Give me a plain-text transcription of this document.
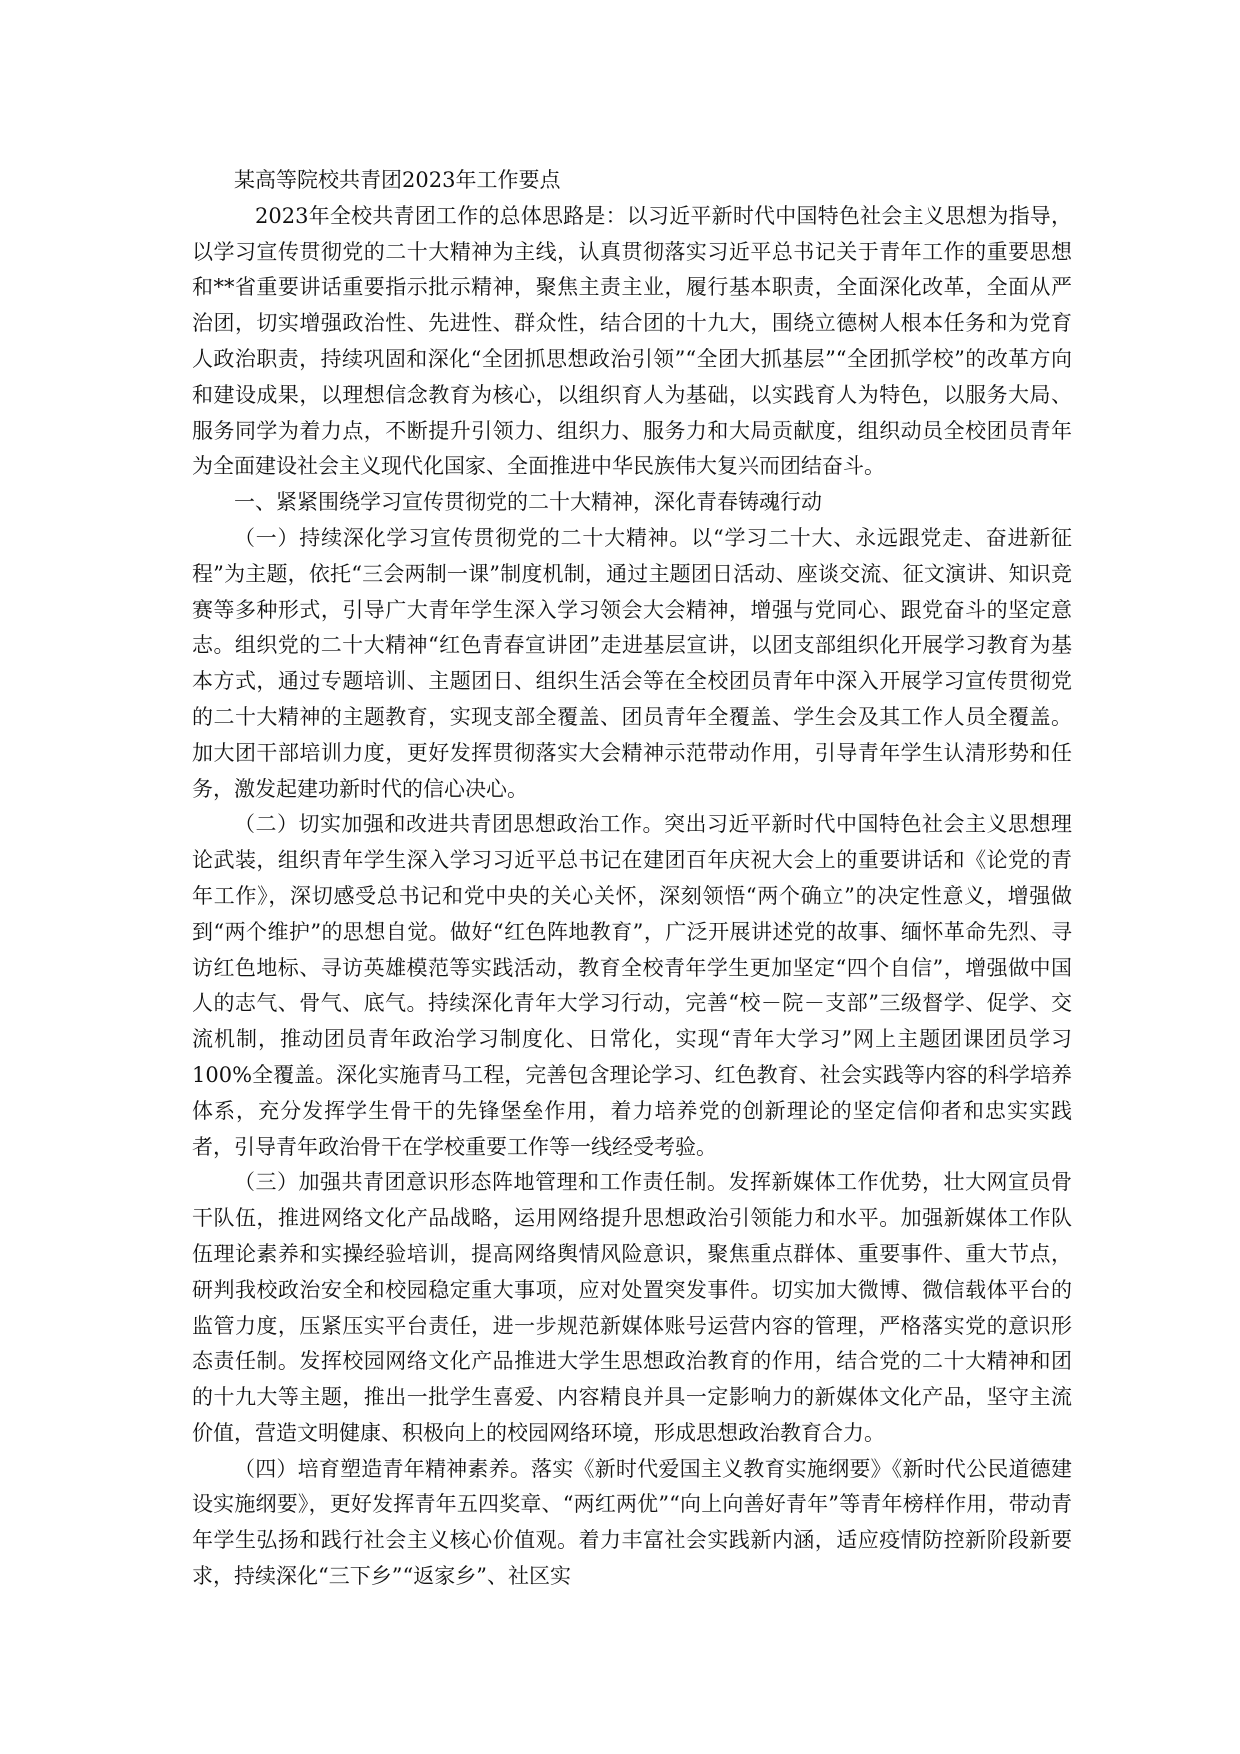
某高等院校共青团2023年工作要点

2023年全校共青团工作的总体思路是：以习近平新时代中国特色社会主义思想为指导，以学习宣传贯彻党的二十大精神为主线，认真贯彻落实习近平总书记关于青年工作的重要思想和**省重要讲话重要指示批示精神，聚焦主责主业，履行基本职责，全面深化改革，全面从严治团，切实增强政治性、先进性、群众性，结合团的十九大，围绕立德树人根本任务和为党育人政治职责，持续巩固和深化“全团抓思想政治引领”“全团大抓基层”“全团抓学校”的改革方向和建设成果，以理想信念教育为核心，以组织育人为基础，以实践育人为特色，以服务大局、服务同学为着力点，不断提升引领力、组织力、服务力和大局贡献度，组织动员全校团员青年为全面建设社会主义现代化国家、全面推进中华民族伟大复兴而团结奋斗。

一、紧紧围绕学习宣传贯彻党的二十大精神，深化青春铸魂行动

（一）持续深化学习宣传贯彻党的二十大精神。以“学习二十大、永远跟党走、奋进新征程”为主题，依托“三会两制一课”制度机制，通过主题团日活动、座谈交流、征文演讲、知识竞赛等多种形式，引导广大青年学生深入学习领会大会精神，增强与党同心、跟党奋斗的坚定意志。组织党的二十大精神“红色青春宣讲团”走进基层宣讲，以团支部组织化开展学习教育为基本方式，通过专题培训、主题团日、组织生活会等在全校团员青年中深入开展学习宣传贯彻党的二十大精神的主题教育，实现支部全覆盖、团员青年全覆盖、学生会及其工作人员全覆盖。加大团干部培训力度，更好发挥贯彻落实大会精神示范带动作用，引导青年学生认清形势和任务，激发起建功新时代的信心决心。

（二）切实加强和改进共青团思想政治工作。突出习近平新时代中国特色社会主义思想理论武装，组织青年学生深入学习习近平总书记在建团百年庆祝大会上的重要讲话和《论党的青年工作》，深切感受总书记和党中央的关心关怀，深刻领悟“两个确立”的决定性意义，增强做到“两个维护”的思想自觉。做好“红色阵地教育”，广泛开展讲述党的故事、缅怀革命先烈、寻访红色地标、寻访英雄模范等实践活动，教育全校青年学生更加坚定“四个自信”，增强做中国人的志气、骨气、底气。持续深化青年大学习行动，完善“校－院－支部”三级督学、促学、交流机制，推动团员青年政治学习制度化、日常化，实现“青年大学习”网上主题团课团员学习100%全覆盖。深化实施青马工程，完善包含理论学习、红色教育、社会实践等内容的科学培养体系，充分发挥学生骨干的先锋堡垒作用，着力培养党的创新理论的坚定信仰者和忠实实践者，引导青年政治骨干在学校重要工作等一线经受考验。

（三）加强共青团意识形态阵地管理和工作责任制。发挥新媒体工作优势，壮大网宣员骨干队伍，推进网络文化产品战略，运用网络提升思想政治引领能力和水平。加强新媒体工作队伍理论素养和实操经验培训，提高网络舆情风险意识，聚焦重点群体、重要事件、重大节点，研判我校政治安全和校园稳定重大事项，应对处置突发事件。切实加大微博、微信载体平台的监管力度，压紧压实平台责任，进一步规范新媒体账号运营内容的管理，严格落实党的意识形态责任制。发挥校园网络文化产品推进大学生思想政治教育的作用，结合党的二十大精神和团的十九大等主题，推出一批学生喜爱、内容精良并具一定影响力的新媒体文化产品，坚守主流价值，营造文明健康、积极向上的校园网络环境，形成思想政治教育合力。

（四）培育塑造青年精神素养。落实《新时代爱国主义教育实施纲要》《新时代公民道德建设实施纲要》，更好发挥青年五四奖章、“两红两优”“向上向善好青年”等青年榜样作用，带动青年学生弘扬和践行社会主义核心价值观。着力丰富社会实践新内涵，适应疫情防控新阶段新要求，持续深化“三下乡”“返家乡”、社区实
